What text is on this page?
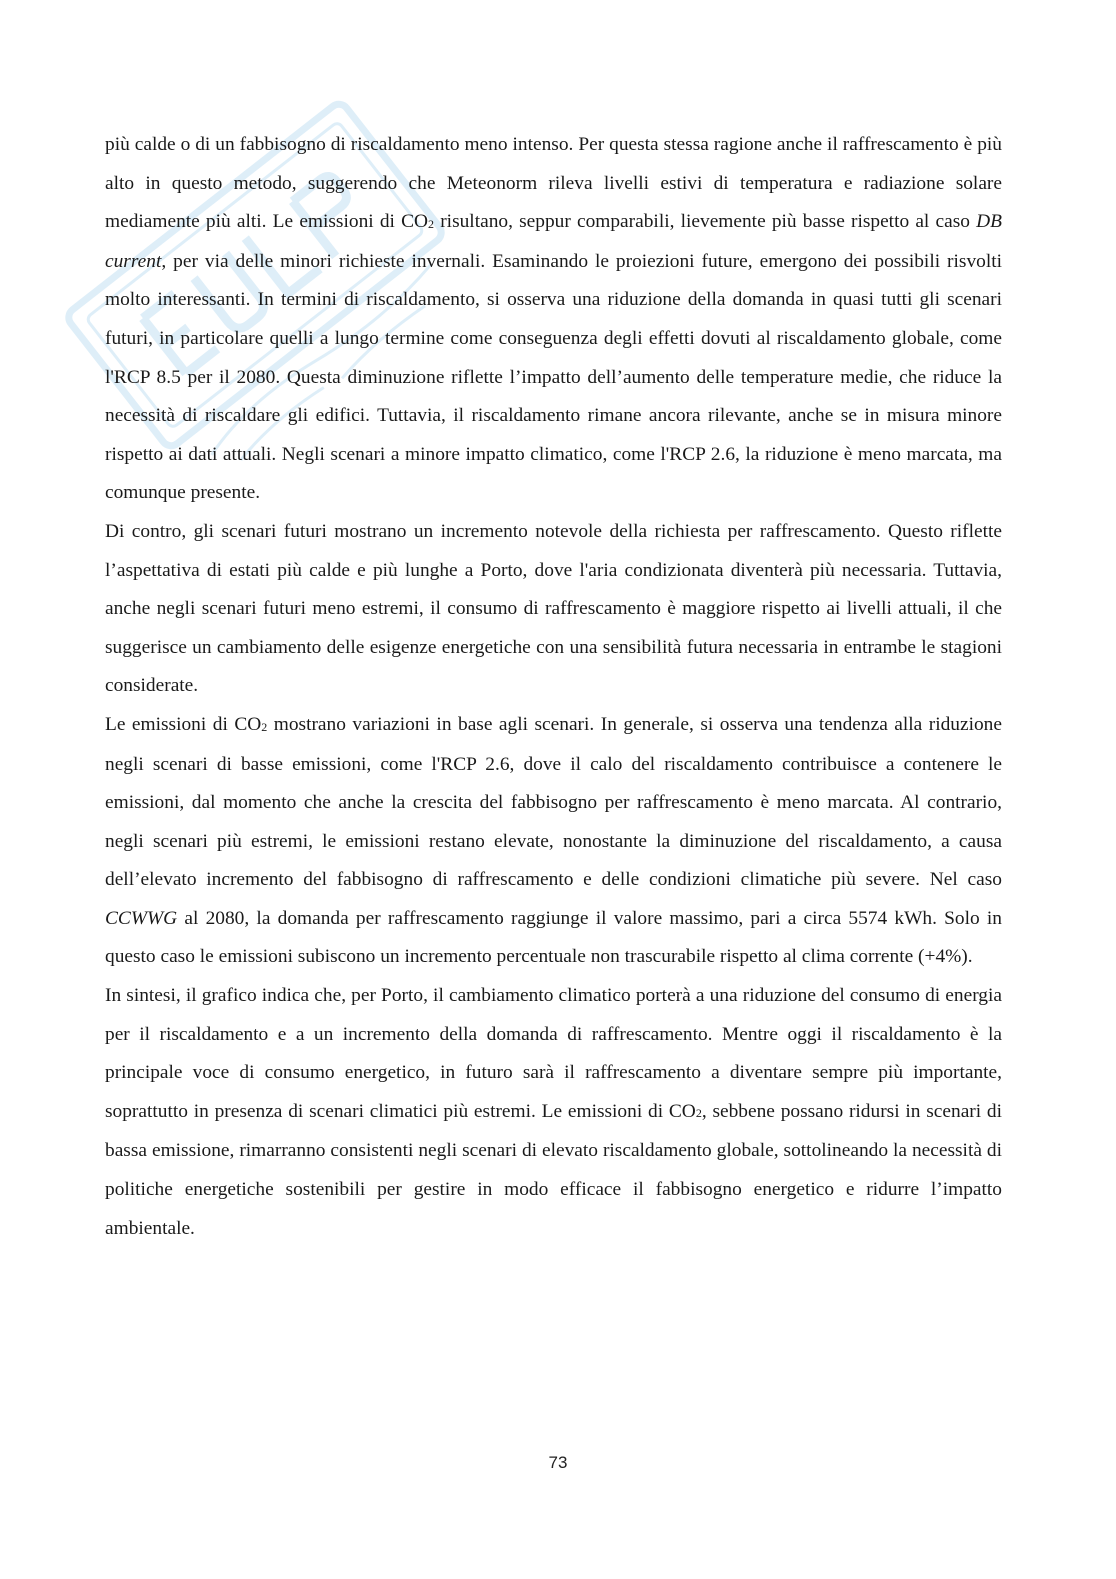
più calde o di un fabbisogno di riscaldamento meno intenso. Per questa stessa ragione anche il raffrescamento è più alto in questo metodo, suggerendo che Meteonorm rileva livelli estivi di temperatura e radiazione solare mediamente più alti. Le emissioni di CO2 risultano, seppur comparabili, lievemente più basse rispetto al caso DB current, per via delle minori richieste invernali. Esaminando le proiezioni future, emergono dei possibili risvolti molto interessanti. In termini di riscaldamento, si osserva una riduzione della domanda in quasi tutti gli scenari futuri, in particolare quelli a lungo termine come conseguenza degli effetti dovuti al riscaldamento globale, come l'RCP 8.5 per il 2080. Questa diminuzione riflette l’impatto dell’aumento delle temperature medie, che riduce la necessità di riscaldare gli edifici. Tuttavia, il riscaldamento rimane ancora rilevante, anche se in misura minore rispetto ai dati attuali. Negli scenari a minore impatto climatico, come l'RCP 2.6, la riduzione è meno marcata, ma comunque presente.

Di contro, gli scenari futuri mostrano un incremento notevole della richiesta per raffrescamento. Questo riflette l’aspettativa di estati più calde e più lunghe a Porto, dove l'aria condizionata diventerà più necessaria. Tuttavia, anche negli scenari futuri meno estremi, il consumo di raffrescamento è maggiore rispetto ai livelli attuali, il che suggerisce un cambiamento delle esigenze energetiche con una sensibilità futura necessaria in entrambe le stagioni considerate.

Le emissioni di CO2 mostrano variazioni in base agli scenari. In generale, si osserva una tendenza alla riduzione negli scenari di basse emissioni, come l'RCP 2.6, dove il calo del riscaldamento contribuisce a contenere le emissioni, dal momento che anche la crescita del fabbisogno per raffrescamento è meno marcata. Al contrario, negli scenari più estremi, le emissioni restano elevate, nonostante la diminuzione del riscaldamento, a causa dell’elevato incremento del fabbisogno di raffrescamento e delle condizioni climatiche più severe. Nel caso CCWWG al 2080, la domanda per raffrescamento raggiunge il valore massimo, pari a circa 5574 kWh. Solo in questo caso le emissioni subiscono un incremento percentuale non trascurabile rispetto al clima corrente (+4%).

In sintesi, il grafico indica che, per Porto, il cambiamento climatico porterà a una riduzione del consumo di energia per il riscaldamento e a un incremento della domanda di raffrescamento. Mentre oggi il riscaldamento è la principale voce di consumo energetico, in futuro sarà il raffrescamento a diventare sempre più importante, soprattutto in presenza di scenari climatici più estremi. Le emissioni di CO2, sebbene possano ridursi in scenari di bassa emissione, rimarranno consistenti negli scenari di elevato riscaldamento globale, sottolineando la necessità di politiche energetiche sostenibili per gestire in modo efficace il fabbisogno energetico e ridurre l’impatto ambientale.

73
